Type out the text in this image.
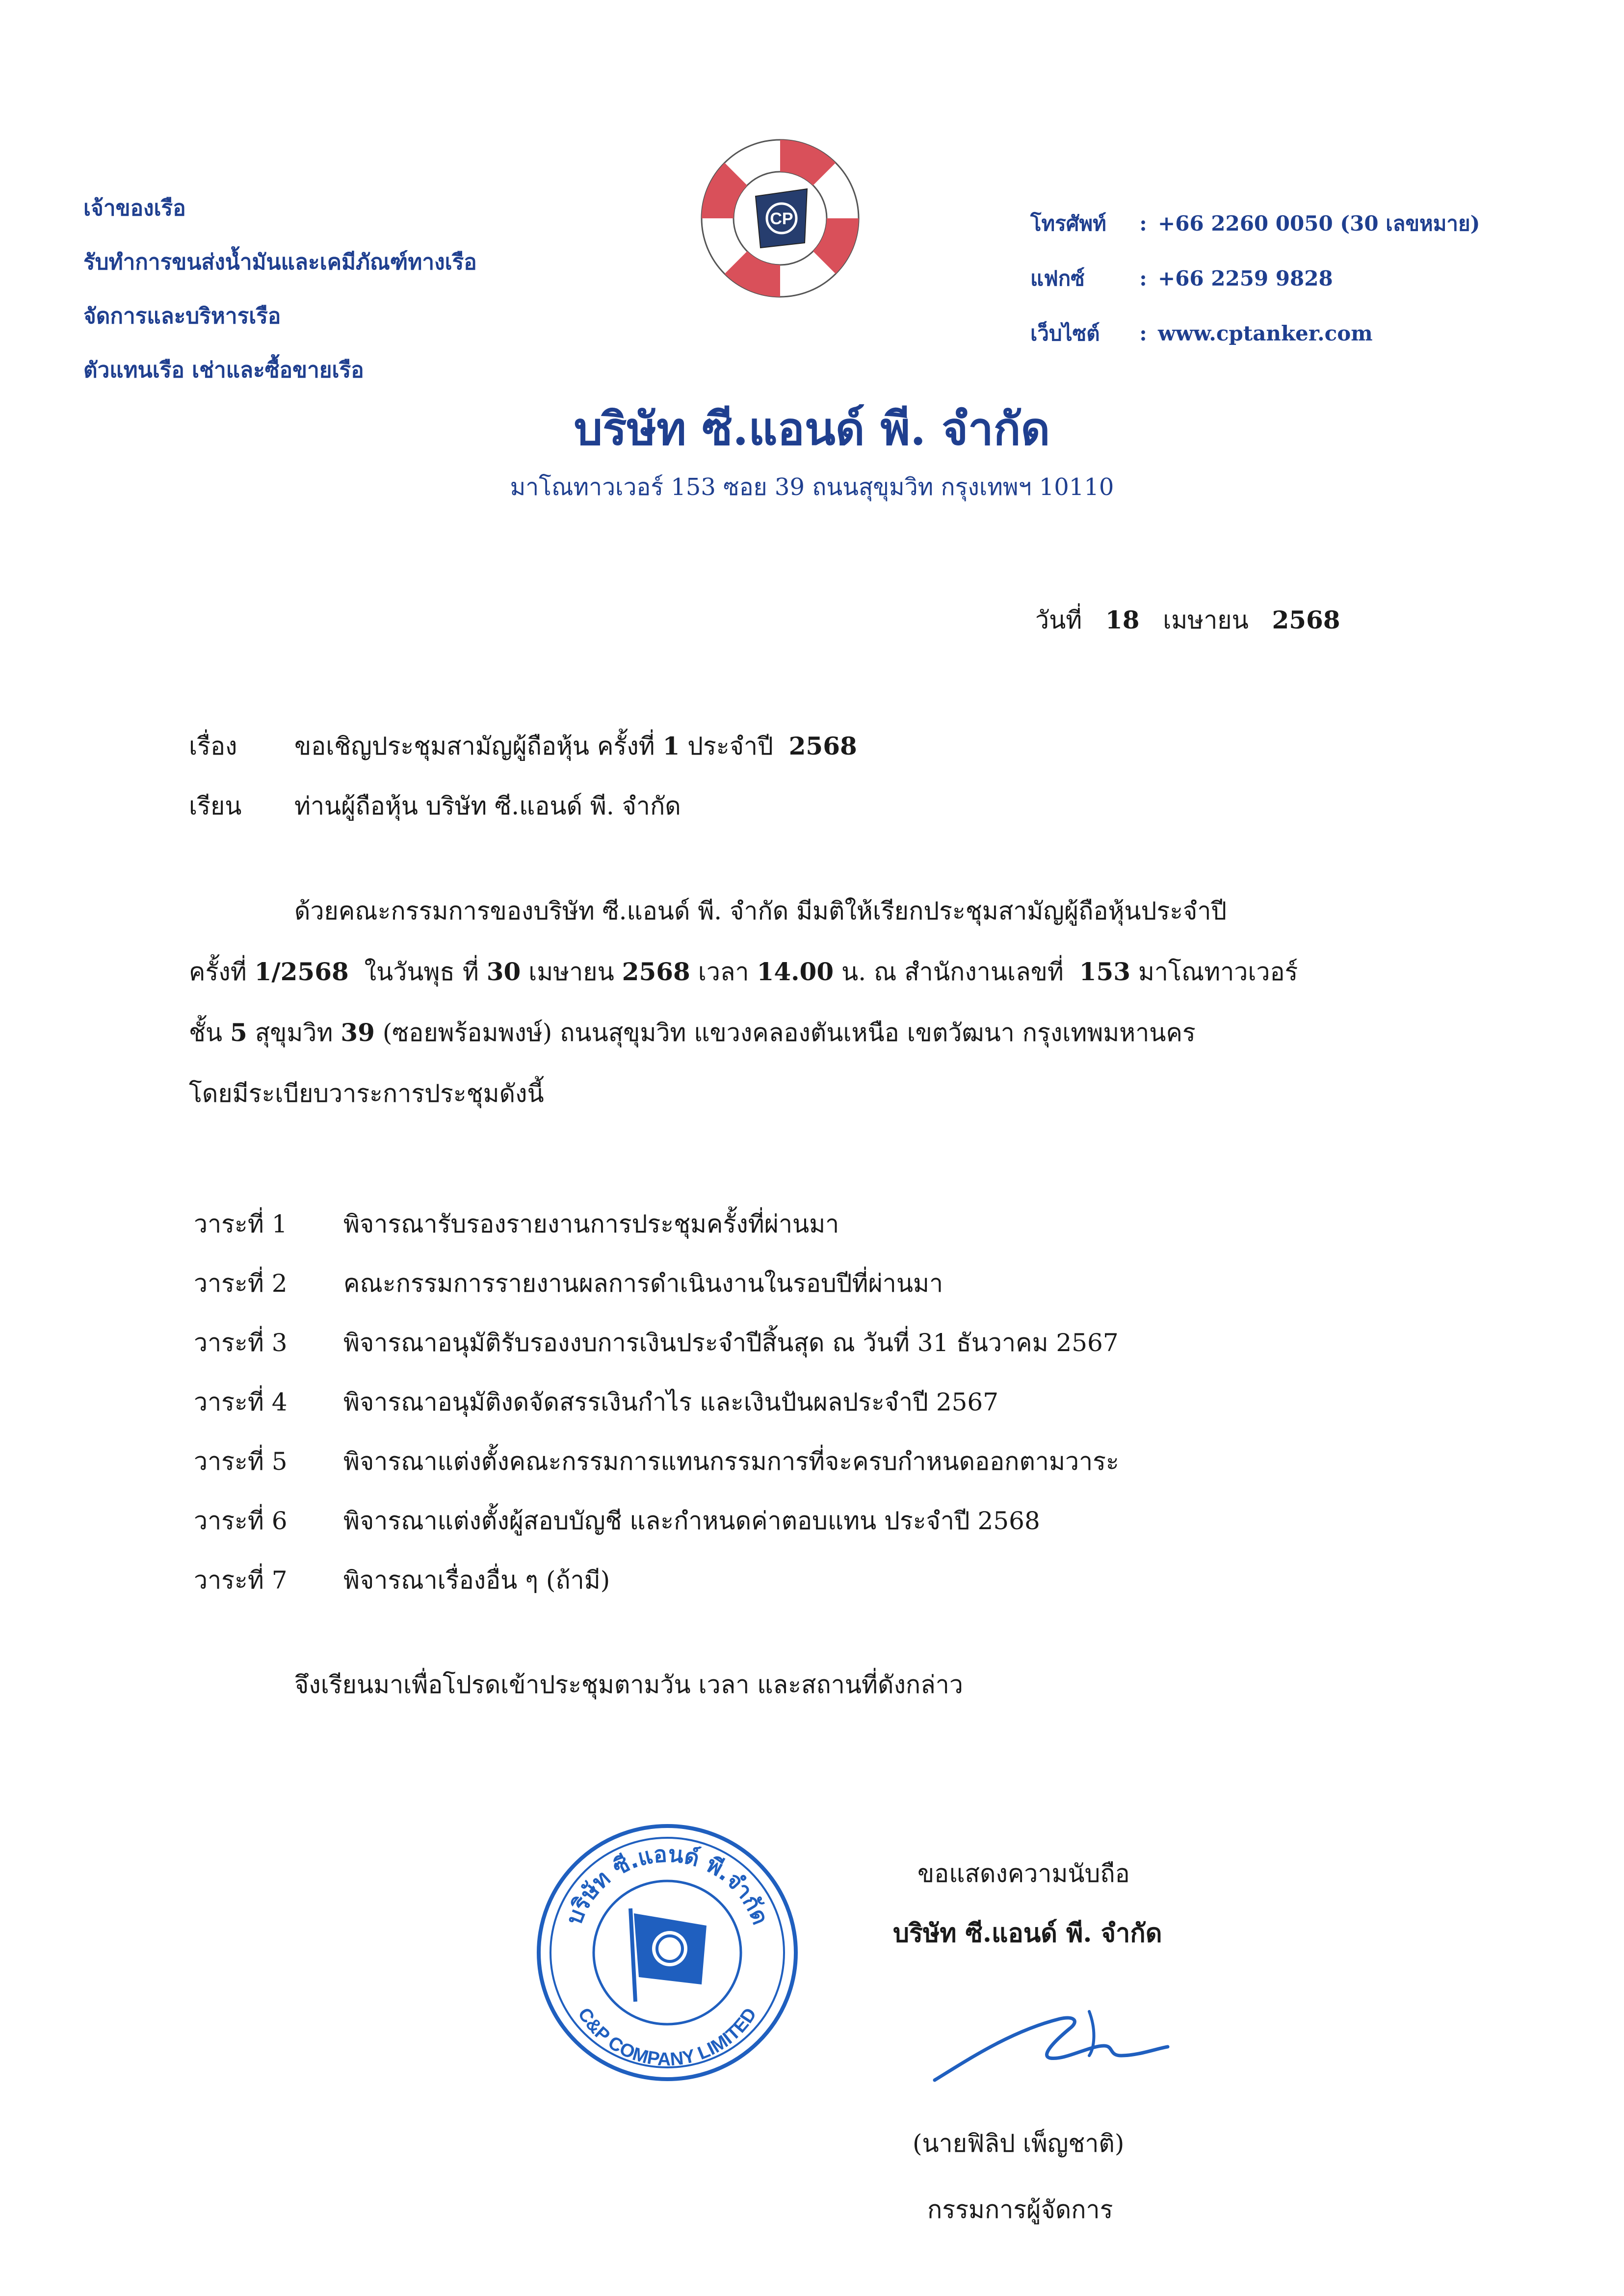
เจ้าของเรือ
รับทำการขนส่งน้ำมันและเคมีภัณฑ์ทางเรือ
จัดการและบริหารเรือ
ตัวแทนเรือ เช่าและซื้อขายเรือ
CP	โทรศัพท์	: +66 2260 0050 (30 เลขหมาย)
แฟกซ์	: +66 2259 9828
เว็บไซต์	: www.cptanker.com
บริษัท ซี.แอนด์ พี. จำกัด
มาโณทาวเวอร์ 153 ซอย 39 ถนนสุขุมวิท กรุงเทพฯ 10110
วันที่ 18 เมษายน 2568
เรื่อง	ขอเชิญประชุมสามัญผู้ถือหุ้น ครั้งที่ 1 ประจำปี 2568
เรียน	ท่านผู้ถือหุ้น บริษัท ซี.แอนด์ พี. จำกัด
ด้วยคณะกรรมการของบริษัท ซี.แอนด์ พี. จำกัด มีมติให้เรียกประชุมสามัญผู้ถือหุ้นประจำปี
ครั้งที่ 1/2568 ในวันพุธ ที่ 30 เมษายน 2568 เวลา 14.00 น. ณ สำนักงานเลขที่ 153 มาโณทาวเวอร์
ชั้น 5 สุขุมวิท 39 (ซอยพร้อมพงษ์) ถนนสุขุมวิท แขวงคลองตันเหนือ เขตวัฒนา กรุงเทพมหานคร
โดยมีระเบียบวาระการประชุมดังนี้
วาระที่ 1	พิจารณารับรองรายงานการประชุมครั้งที่ผ่านมา
วาระที่ 2	คณะกรรมการรายงานผลการดำเนินงานในรอบปีที่ผ่านมา
วาระที่ 3	พิจารณาอนุมัติรับรองงบการเงินประจำปีสิ้นสุด ณ วันที่ 31 ธันวาคม 2567
วาระที่ 4	พิจารณาอนุมัติงดจัดสรรเงินกำไร และเงินปันผลประจำปี 2567
วาระที่ 5	พิจารณาแต่งตั้งคณะกรรมการแทนกรรมการที่จะครบกำหนดออกตามวาระ
วาระที่ 6	พิจารณาแต่งตั้งผู้สอบบัญชี และกำหนดค่าตอบแทน ประจำปี 2568
วาระที่ 7	พิจารณาเรื่องอื่น ๆ (ถ้ามี)
จึงเรียนมาเพื่อโปรดเข้าประชุมตามวัน เวลา และสถานที่ดังกล่าว
บริษัท ซี.แอนด์ พี.จำกัด
C&P COMPANY LIMITED
ขอแสดงความนับถือ
บริษัท ซี.แอนด์ พี. จำกัด
(นายฟิลิป เพ็ญชาติ)
กรรมการผู้จัดการ
